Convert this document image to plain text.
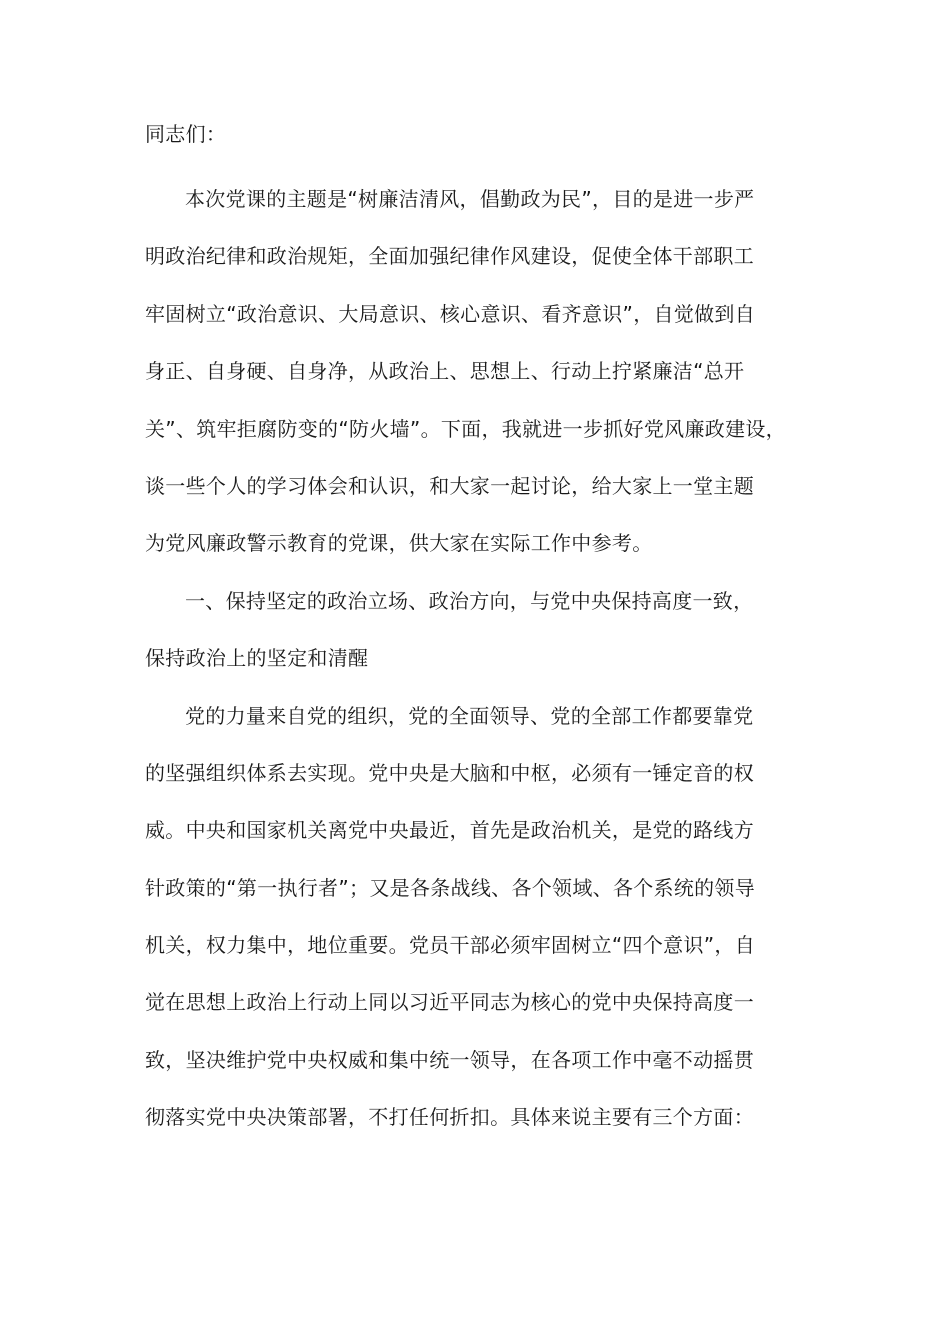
同志们：
本次党课的主题是“树廉洁清风，倡勤政为民”，目的是进一步严
明政治纪律和政治规矩，全面加强纪律作风建设，促使全体干部职工
牢固树立“政治意识、大局意识、核心意识、看齐意识”，自觉做到自
身正、自身硬、自身净，从政治上、思想上、行动上拧紧廉洁“总开
关”、筑牢拒腐防变的“防火墙”。下面，我就进一步抓好党风廉政建设，
谈一些个人的学习体会和认识，和大家一起讨论，给大家上一堂主题
为党风廉政警示教育的党课，供大家在实际工作中参考。
一、保持坚定的政治立场、政治方向，与党中央保持高度一致，
保持政治上的坚定和清醒
党的力量来自党的组织，党的全面领导、党的全部工作都要靠党
的坚强组织体系去实现。党中央是大脑和中枢，必须有一锤定音的权
威。中央和国家机关离党中央最近，首先是政治机关，是党的路线方
针政策的“第一执行者”；又是各条战线、各个领域、各个系统的领导
机关，权力集中，地位重要。党员干部必须牢固树立“四个意识”，自
觉在思想上政治上行动上同以习近平同志为核心的党中央保持高度一
致，坚决维护党中央权威和集中统一领导，在各项工作中毫不动摇贯
彻落实党中央决策部署，不打任何折扣。具体来说主要有三个方面：
